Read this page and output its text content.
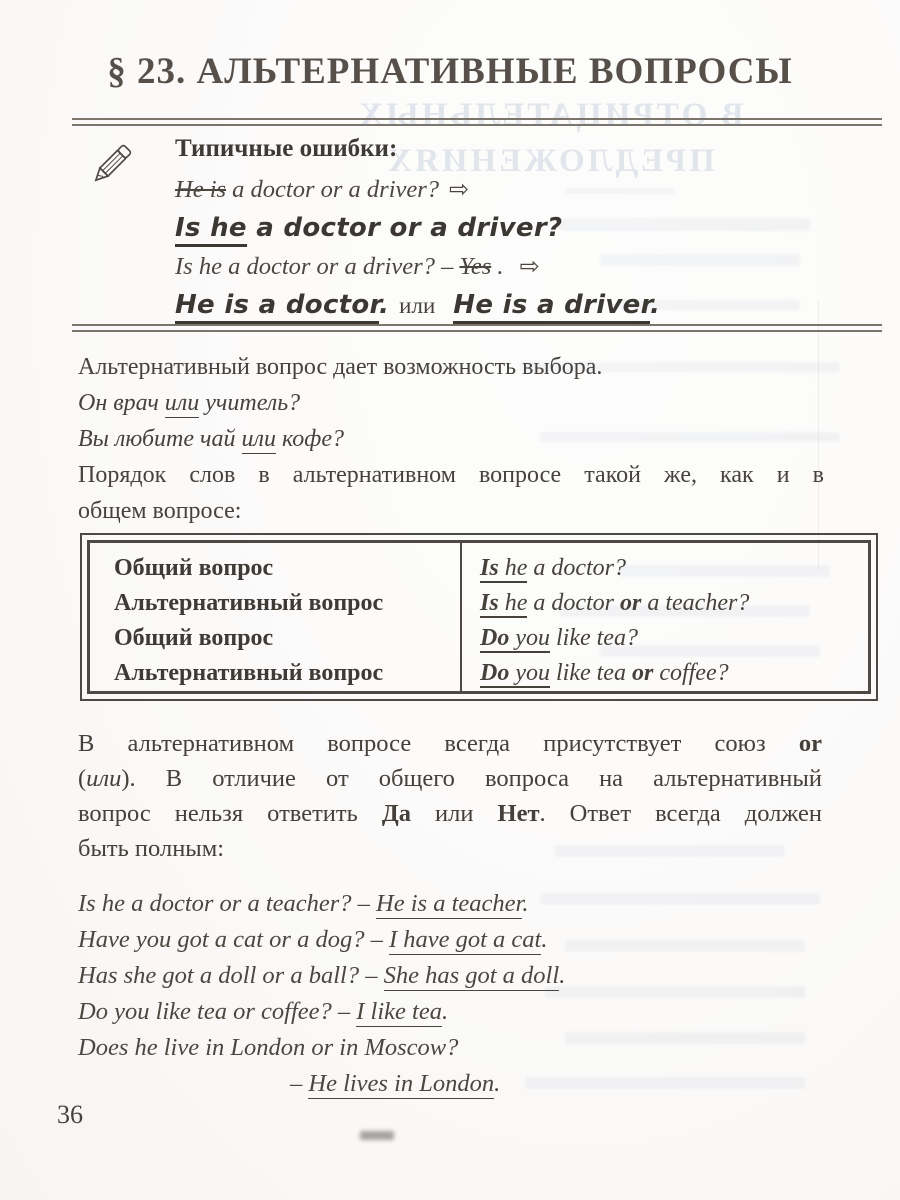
В ОТРИЦАТЕЛЬНЫХ
ПРЕДЛОЖЕНИЯХ
§ 23. АЛЬТЕРНАТИВНЫЕ ВОПРОСЫ
Типичные ошибки:
He is a doctor or a driver? ⇨
Is he a doctor or a driver?
Is he a doctor or a driver? – Yes . ⇨
He is a doctor. или He is a driver.
Альтернативный вопрос дает возможность выбора.
Он врач или учитель?
Вы любите чай или кофе?
Порядок слов в альтернативном вопросе такой же, как и в
общем вопросе:
Общий вопрос
Альтернативный вопрос
Общий вопрос
Альтернативный вопрос
Is he a doctor?
Is he a doctor or a teacher?
Do you like tea?
Do you like tea or coffee?
В альтернативном вопросе всегда присутствует союз or
(или). В отличие от общего вопроса на альтернативный
вопрос нельзя ответить Да или Нет. Ответ всегда должен
быть полным:
Is he a doctor or a teacher? – He is a teacher.
Have you got a cat or a dog? – I have got a cat.
Has she got a doll or a ball? – She has got a doll.
Do you like tea or coffee? – I like tea.
Does he live in London or in Moscow?
– He lives in London.
36
